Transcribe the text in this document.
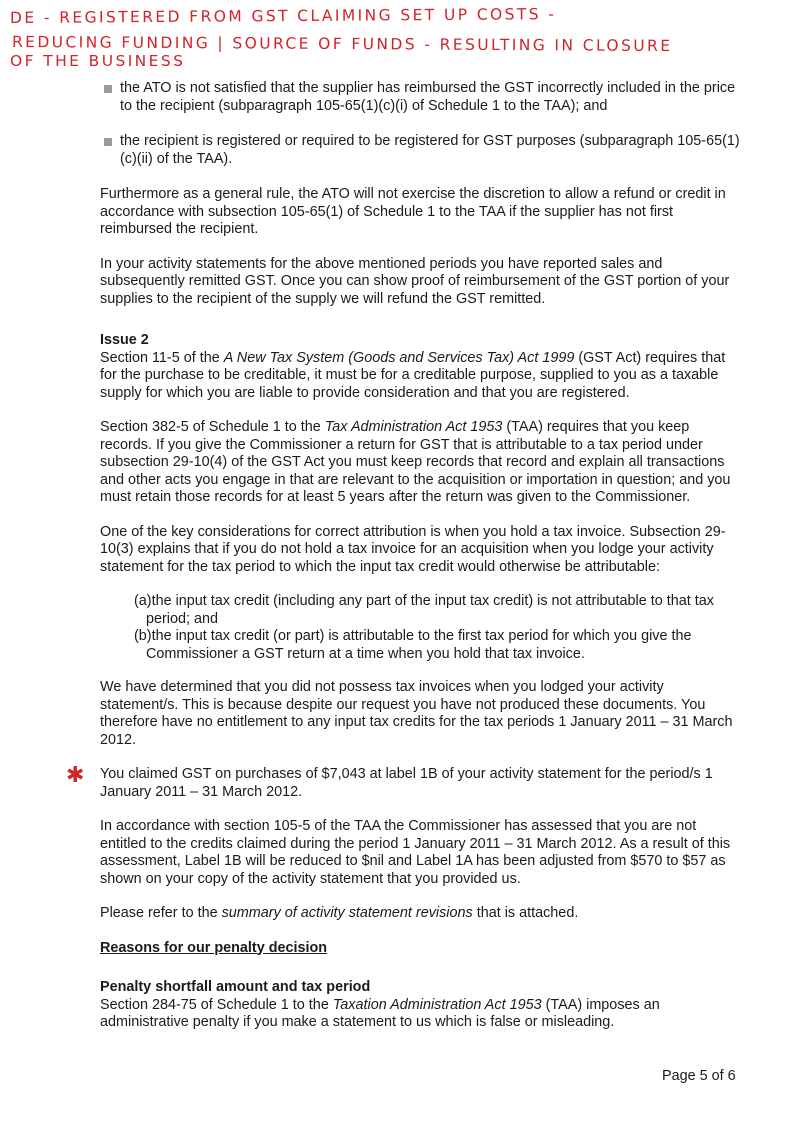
DE - REGISTERED FROM GST CLAIMING SET UP COSTS -
REDUCING FUNDING | SOURCE OF FUNDS - RESULTING IN CLOSURE
OF THE BUSINESS
the ATO is not satisfied that the supplier has reimbursed the GST incorrectly included in the price to the recipient (subparagraph 105-65(1)(c)(i) of Schedule 1 to the TAA); and
the recipient is registered or required to be registered for GST purposes (subparagraph 105-65(1)(c)(ii) of the TAA).

Furthermore as a general rule, the ATO will not exercise the discretion to allow a refund or credit in accordance with subsection 105-65(1) of Schedule 1 to the TAA if the supplier has not first reimbursed the recipient.

In your activity statements for the above mentioned periods you have reported sales and subsequently remitted GST. Once you can show proof of reimbursement of the GST portion of your supplies to the recipient of the supply we will refund the GST remitted.

Issue 2

Section 11-5 of the A New Tax System (Goods and Services Tax) Act 1999 (GST Act) requires that for the purchase to be creditable, it must be for a creditable purpose, supplied to you as a taxable supply for which you are liable to provide consideration and that you are registered.

Section 382-5 of Schedule 1 to the Tax Administration Act 1953 (TAA) requires that you keep records. If you give the Commissioner a return for GST that is attributable to a tax period under subsection 29-10(4) of the GST Act you must keep records that record and explain all transactions and other acts you engage in that are relevant to the acquisition or importation in question; and you must retain those records for at least 5 years after the return was given to the Commissioner.

One of the key considerations for correct attribution is when you hold a tax invoice. Subsection 29-10(3) explains that if you do not hold a tax invoice for an acquisition when you lodge your activity statement for the tax period to which the input tax credit would otherwise be attributable:

(a)the input tax credit (including any part of the input tax credit) is not attributable to that tax
period; and
(b)the input tax credit (or part) is attributable to the first tax period for which you give the
Commissioner a GST return at a time when you hold that tax invoice.

We have determined that you did not possess tax invoices when you lodged your activity statement/s. This is because despite our request you have not produced these documents. You therefore have no entitlement to any input tax credits for the tax periods 1 January 2011 – 31 March 2012.

✱ You claimed GST on purchases of $7,043 at label 1B of your activity statement for the period/s 1 January 2011 – 31 March 2012.

In accordance with section 105-5 of the TAA the Commissioner has assessed that you are not entitled to the credits claimed during the period 1 January 2011 – 31 March 2012. As a result of this assessment, Label 1B will be reduced to $nil and Label 1A has been adjusted from $570 to $57 as shown on your copy of the activity statement that you provided us.

Please refer to the summary of activity statement revisions that is attached.

Reasons for our penalty decision
Penalty shortfall amount and tax period

Section 284-75 of Schedule 1 to the Taxation Administration Act 1953 (TAA) imposes an administrative penalty if you make a statement to us which is false or misleading.

Page 5 of 6
